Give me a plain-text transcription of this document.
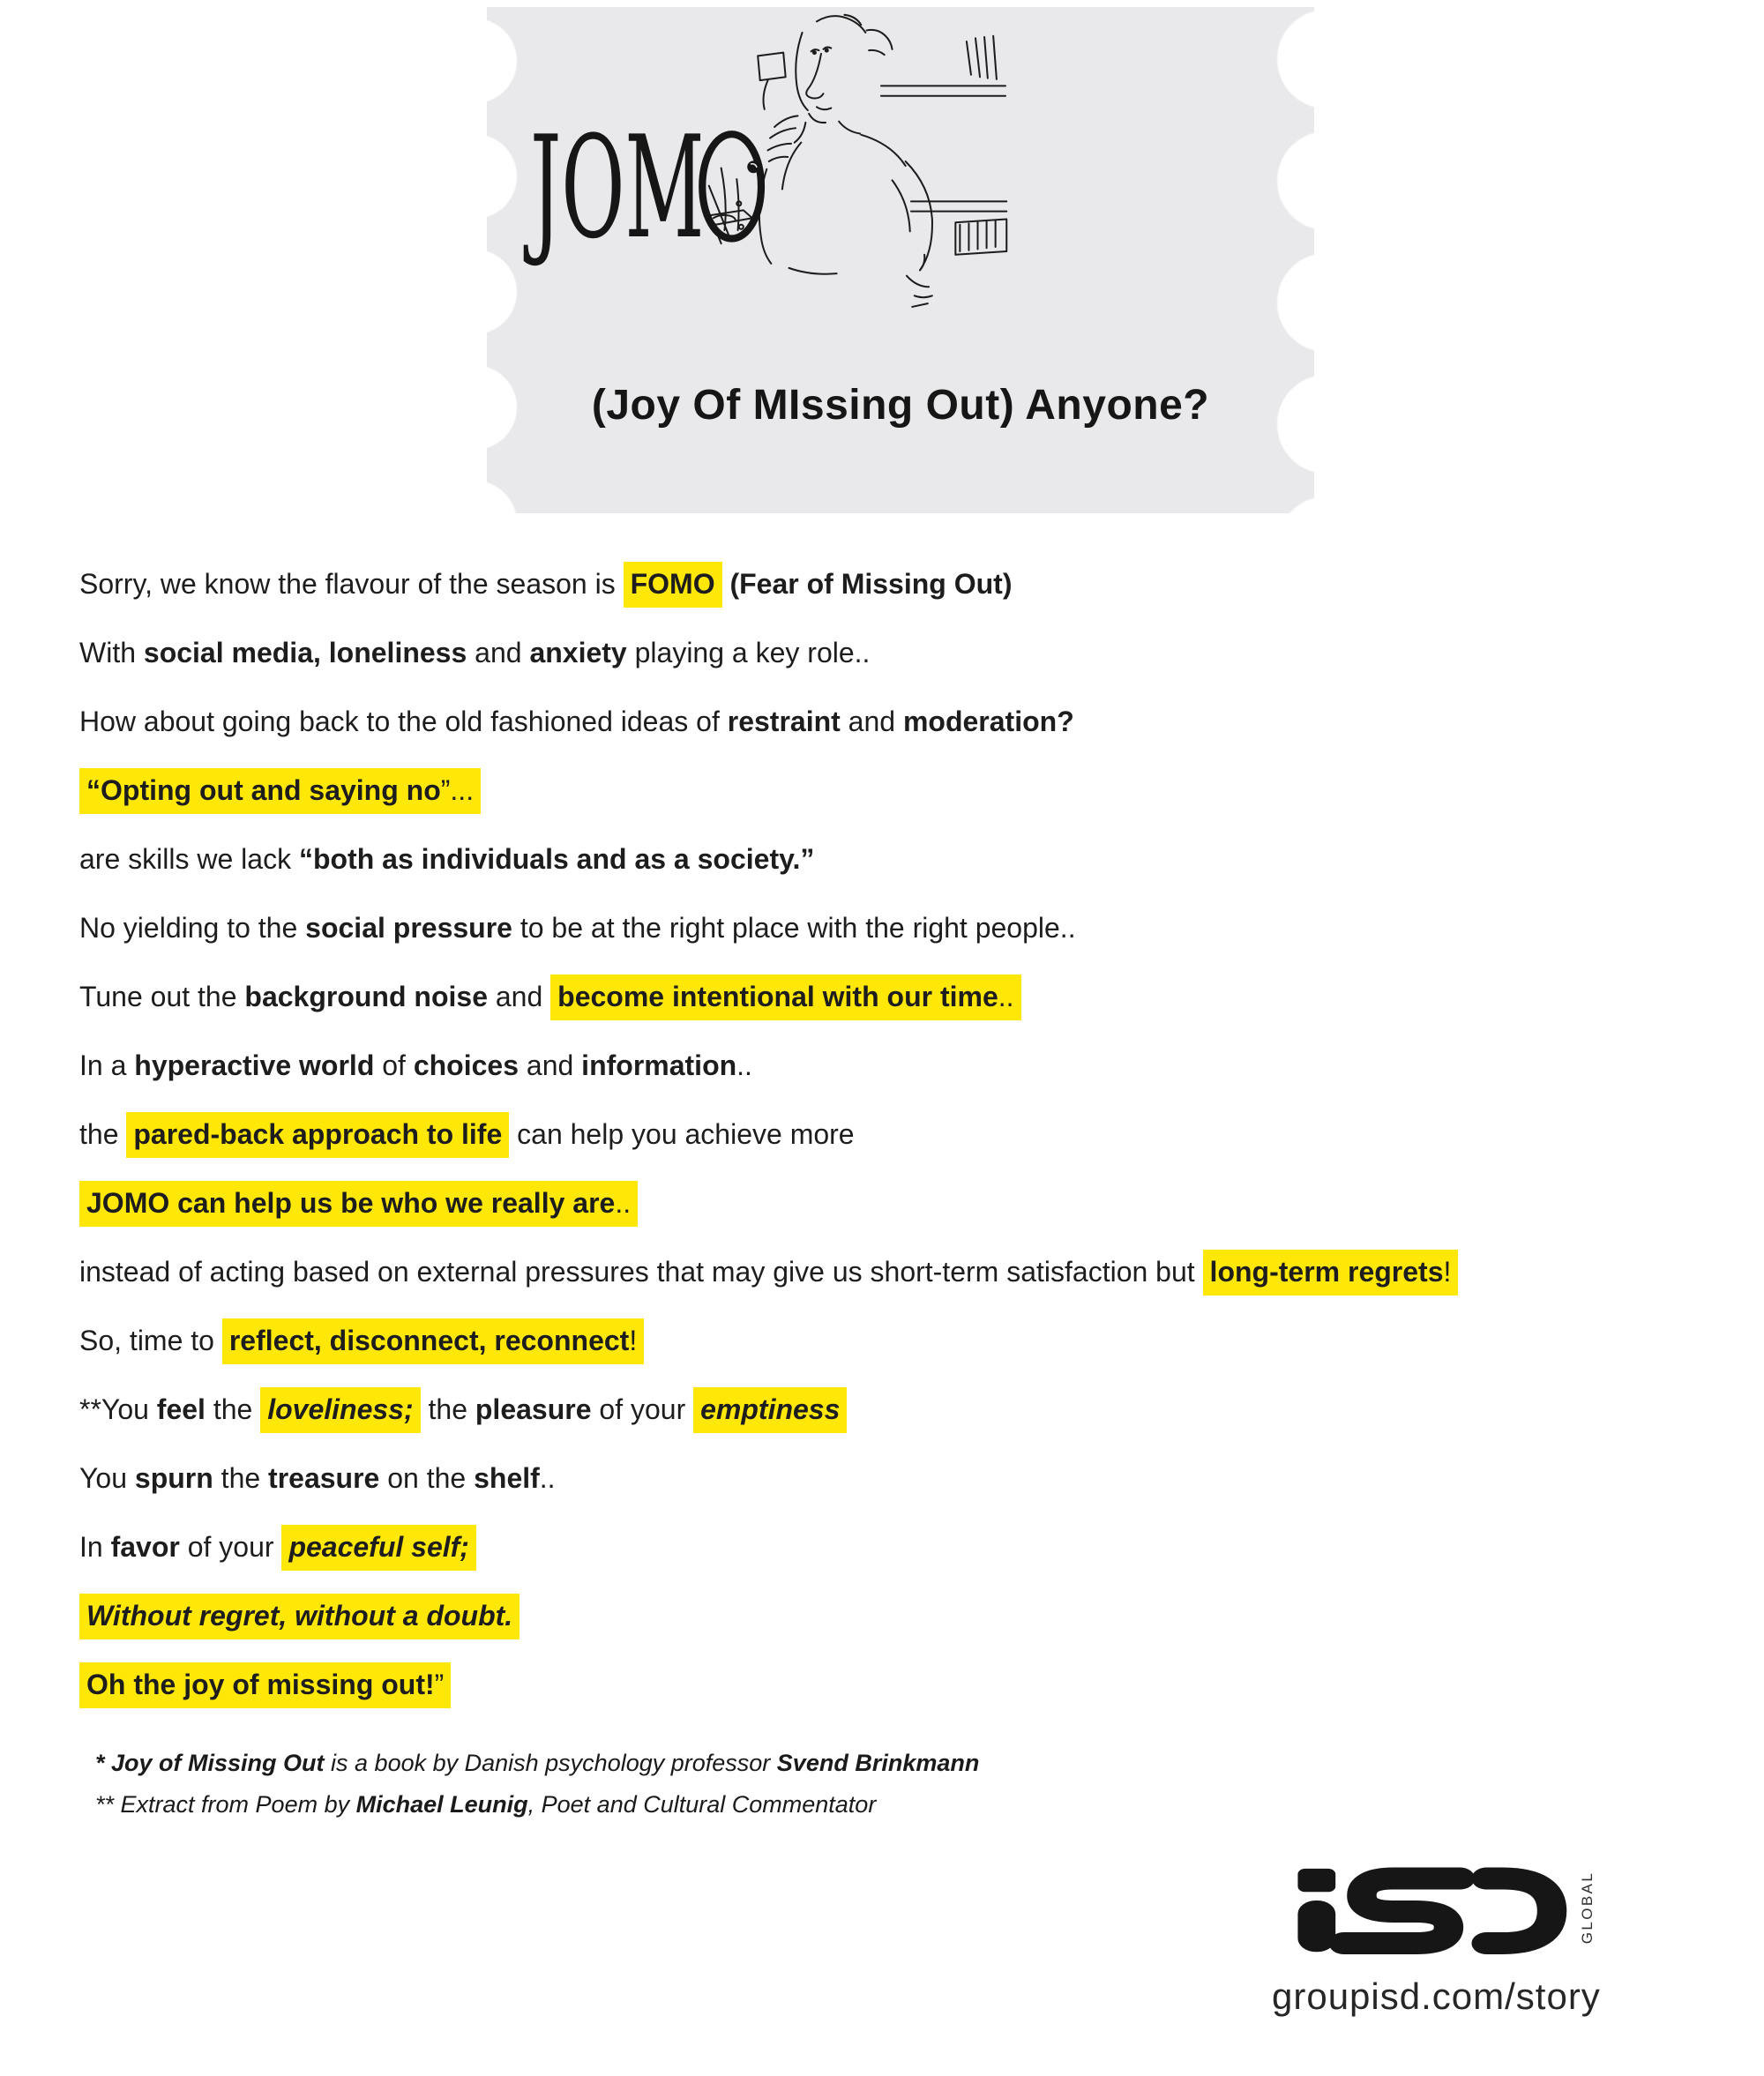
JOM
(Joy Of MIssing Out) Anyone?

Sorry, we know the flavour of the season is FOMO (Fear of Missing Out)

With social media, loneliness and anxiety playing a key role..

How about going back to the old fashioned ideas of restraint and moderation?

“Opting out and saying no”...

are skills we lack “both as individuals and as a society.”

No yielding to the social pressure to be at the right place with the right people..

Tune out the background noise and become intentional with our time..

In a hyperactive world of choices and information..

the pared-back approach to life can help you achieve more

JOMO can help us be who we really are..

instead of acting based on external pressures that may give us short-term satisfaction but long-term regrets!

So, time to reflect, disconnect, reconnect!

**You feel the loveliness; the pleasure of your emptiness

You spurn the treasure on the shelf..

In favor of your peaceful self;

Without regret, without a doubt.

Oh the joy of missing out!”

* Joy of Missing Out is a book by Danish psychology professor Svend Brinkmann

** Extract from Poem by Michael Leunig, Poet and Cultural Commentator

GLOBAL
groupisd.com/story
